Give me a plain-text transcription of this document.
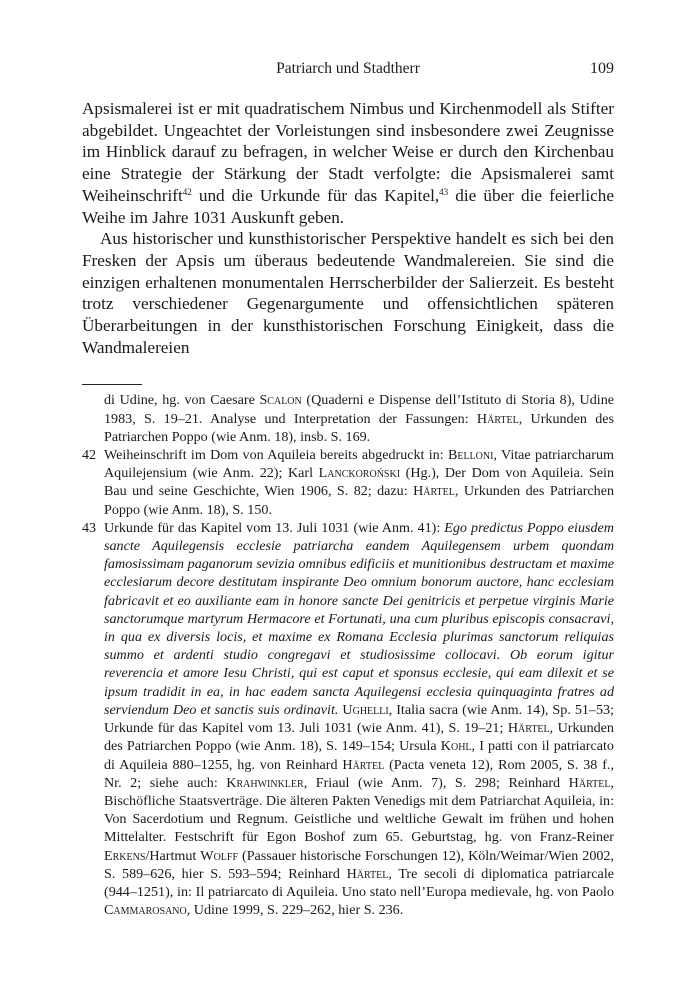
Patriarch und Stadtherr	109

Apsismalerei ist er mit quadratischem Nimbus und Kirchenmodell als Stifter abgebildet. Ungeachtet der Vorleistungen sind insbesondere zwei Zeugnisse im Hinblick darauf zu befragen, in welcher Weise er durch den Kirchenbau eine Strategie der Stärkung der Stadt verfolgte: die Apsismalerei samt Weiheinschrift$^{42}$ und die Urkunde für das Kapitel,$^{43}$ die über die feierliche Weihe im Jahre 1031 Auskunft geben.

Aus historischer und kunsthistorischer Perspektive handelt es sich bei den Fresken der Apsis um überaus bedeutende Wandmalereien. Sie sind die einzigen erhaltenen monumentalen Herrscherbilder der Salierzeit. Es besteht trotz verschiedener Gegenargumente und offensichtlichen späteren Überarbeitungen in der kunsthistorischen Forschung Einigkeit, dass die Wandmalereien

di Udine, hg. von Caesare Scalon (Quaderni e Dispense dell’Istituto di Storia 8), Udine 1983, S. 19–21. Analyse und Interpretation der Fassungen: Härtel, Urkunden des Patriarchen Poppo (wie Anm. 18), insb. S. 169.

42 Weiheinschrift im Dom von Aquileia bereits abgedruckt in: Belloni, Vitae patriarcharum Aquilejensium (wie Anm. 22); Karl Lanckoroński (Hg.), Der Dom von Aquileia. Sein Bau und seine Geschichte, Wien 1906, S. 82; dazu: Härtel, Urkunden des Patriarchen Poppo (wie Anm. 18), S. 150.

43 Urkunde für das Kapitel vom 13. Juli 1031 (wie Anm. 41): Ego predictus Poppo eiusdem sancte Aquilegensis ecclesie patriarcha eandem Aquilegensem urbem quondam famosissimam paganorum sevizia omnibus edificiis et munitionibus destructam et maxime ecclesiarum decore destitutam inspirante Deo omnium bonorum auctore, hanc ecclesiam fabricavit et eo auxiliante eam in honore sancte Dei genitricis et perpetue virginis Marie sanctorumque martyrum Hermacore et Fortunati, una cum pluribus episcopis consacravi, in qua ex diversis locis, et maxime ex Romana Ecclesia plurimas sanctorum reliquias summo et ardenti studio congregavi et studiosissime collocavi. Ob eorum igitur reverencia et amore Iesu Christi, qui est caput et sponsus ecclesie, qui eam dilexit et se ipsum tradidit in ea, in hac eadem sancta Aquilegensi ecclesia quinquaginta fratres ad serviendum Deo et sanctis suis ordinavit. Ughelli, Italia sacra (wie Anm. 14), Sp. 51–53; Urkunde für das Kapitel vom 13. Juli 1031 (wie Anm. 41), S. 19–21; Härtel, Urkunden des Patriarchen Poppo (wie Anm. 18), S. 149–154; Ursula Kohl, I patti con il patriarcato di Aquileia 880–1255, hg. von Reinhard Härtel (Pacta veneta 12), Rom 2005, S. 38 f., Nr. 2; siehe auch: Krahwinkler, Friaul (wie Anm. 7), S. 298; Reinhard Härtel, Bischöfliche Staatsverträge. Die älteren Pakten Venedigs mit dem Patriarchat Aquileia, in: Von Sacerdotium und Regnum. Geistliche und weltliche Gewalt im frühen und hohen Mittelalter. Festschrift für Egon Boshof zum 65. Geburtstag, hg. von Franz-Reiner Erkens/Hartmut Wolff (Passauer historische Forschungen 12), Köln/Weimar/Wien 2002, S. 589–626, hier S. 593–594; Reinhard Härtel, Tre secoli di diplomatica patriarcale (944–1251), in: Il patriarcato di Aquileia. Uno stato nell’Europa medievale, hg. von Paolo Cammarosano, Udine 1999, S. 229–262, hier S. 236.
